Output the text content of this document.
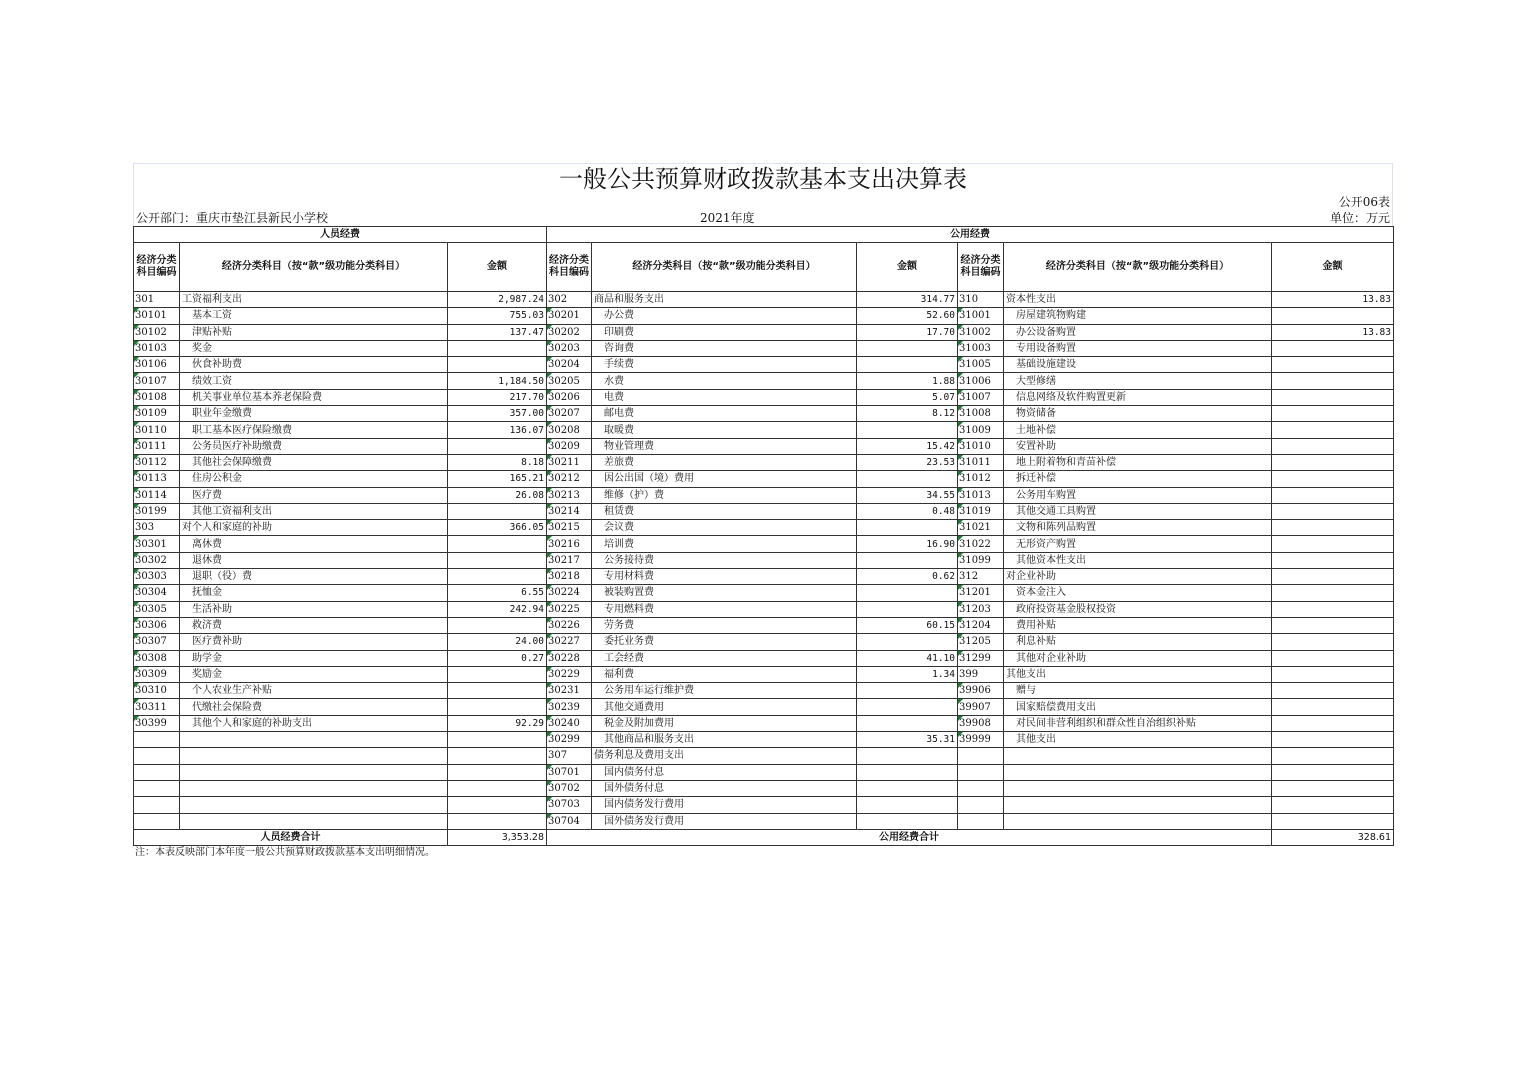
一般公共预算财政拨款基本支出决算表
公开06表
公开部门：重庆市垫江县新民小学校	2021年度	单位：万元
人员经费			公用经费					
经济分类科目编码	经济分类科目（按“款”级功能分类科目）	金额	经济分类科目编码	经济分类科目（按“款”级功能分类科目）	金额	经济分类科目编码	经济分类科目（按“款”级功能分类科目）	金额
301	工资福利支出	2,987.24	302	商品和服务支出	314.77	310	资本性支出	13.83
30101	基本工资	755.03	30201	办公费	52.60	31001	房屋建筑物购建	
30102	津贴补贴	137.47	30202	印刷费	17.70	31002	办公设备购置	13.83
30103	奖金		30203	咨询费		31003	专用设备购置	
30106	伙食补助费		30204	手续费		31005	基础设施建设	
30107	绩效工资	1,184.50	30205	水费	1.88	31006	大型修缮	
30108	机关事业单位基本养老保险费	217.70	30206	电费	5.07	31007	信息网络及软件购置更新	
30109	职业年金缴费	357.00	30207	邮电费	8.12	31008	物资储备	
30110	职工基本医疗保险缴费	136.07	30208	取暖费		31009	土地补偿	
30111	公务员医疗补助缴费		30209	物业管理费	15.42	31010	安置补助	
30112	其他社会保障缴费	8.18	30211	差旅费	23.53	31011	地上附着物和青苗补偿	
30113	住房公积金	165.21	30212	因公出国（境）费用		31012	拆迁补偿	
30114	医疗费	26.08	30213	维修（护）费	34.55	31013	公务用车购置	
30199	其他工资福利支出		30214	租赁费	0.48	31019	其他交通工具购置	
303	对个人和家庭的补助	366.05	30215	会议费		31021	文物和陈列品购置	
30301	离休费		30216	培训费	16.90	31022	无形资产购置	
30302	退休费		30217	公务接待费		31099	其他资本性支出	
30303	退职（役）费		30218	专用材料费	0.62	312	对企业补助	
30304	抚恤金	6.55	30224	被装购置费		31201	资本金注入	
30305	生活补助	242.94	30225	专用燃料费		31203	政府投资基金股权投资	
30306	救济费		30226	劳务费	60.15	31204	费用补贴	
30307	医疗费补助	24.00	30227	委托业务费		31205	利息补贴	
30308	助学金	0.27	30228	工会经费	41.10	31299	其他对企业补助	
30309	奖励金		30229	福利费	1.34	399	其他支出	
30310	个人农业生产补贴		30231	公务用车运行维护费		39906	赠与	
30311	代缴社会保险费		30239	其他交通费用		39907	国家赔偿费用支出	
30399	其他个人和家庭的补助支出	92.29	30240	税金及附加费用		39908	对民间非营利组织和群众性自治组织补贴	
			30299	其他商品和服务支出	35.31	39999	其他支出	
			307	债务利息及费用支出				
			30701	国内债务付息				
			30702	国外债务付息				
			30703	国内债务发行费用				
			30704	国外债务发行费用				
人员经费合计		3,353.28	公用经费合计					328.61
注：本表反映部门本年度一般公共预算财政拨款基本支出明细情况。
